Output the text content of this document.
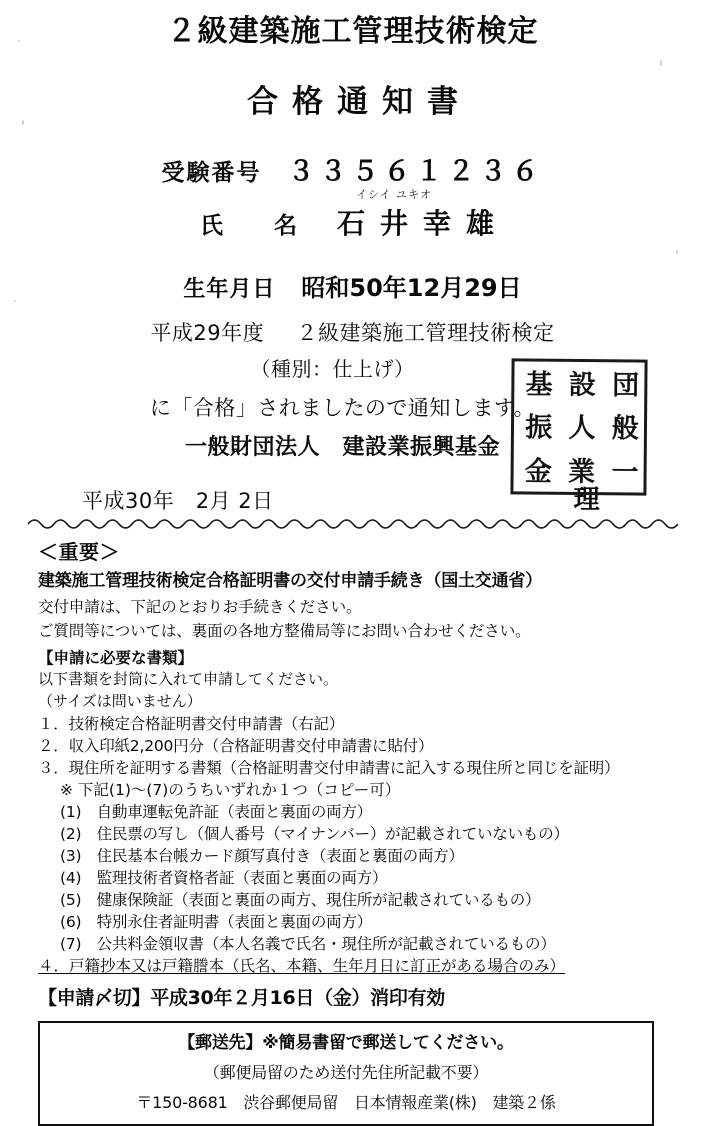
２級建築施工管理技術検定
合格通知書
受験番号 ３３５６１２３６
イシイ ユキオ
氏　名 石井幸雄
生年月日 昭和50年12月29日
平成29年度 ２級建築施工管理技術検定
（種別：仕上げ）
に「合格」されましたので通知します。
一般財団法人　建設業振興基金
平成30年　2月 2日	理
基 設 団
振 人 般
金 業 一
＜重要＞
建築施工管理技術検定合格証明書の交付申請手続き（国土交通省）
交付申請は、下記のとおりお手続きください。
ご質問等については、裏面の各地方整備局等にお問い合わせください。
【申請に必要な書類】
以下書類を封筒に入れて申請してください。
（サイズは問いません）
１．技術検定合格証明書交付申請書（右記）
２．収入印紙2,200円分（合格証明書交付申請書に貼付）
３．現住所を証明する書類（合格証明書交付申請書に記入する現住所と同じを証明）
※ 下記(1)～(7)のうちいずれか１つ（コピー可）
(1)　自動車運転免許証（表面と裏面の両方）
(2)　住民票の写し（個人番号（マイナンバー）が記載されていないもの）
(3)　住民基本台帳カード顔写真付き（表面と裏面の両方）
(4)　監理技術者資格者証（表面と裏面の両方）
(5)　健康保険証（表面と裏面の両方、現住所が記載されているもの）
(6)　特別永住者証明書（表面と裏面の両方）
(7)　公共料金領収書（本人名義で氏名・現住所が記載されているもの）
４．戸籍抄本又は戸籍謄本（氏名、本籍、生年月日に訂正がある場合のみ）
【申請〆切】平成30年２月16日（金）消印有効
【郵送先】※簡易書留で郵送してください。
（郵便局留のため送付先住所記載不要）
〒150-8681　渋谷郵便局留　日本情報産業(株)　建築２係
